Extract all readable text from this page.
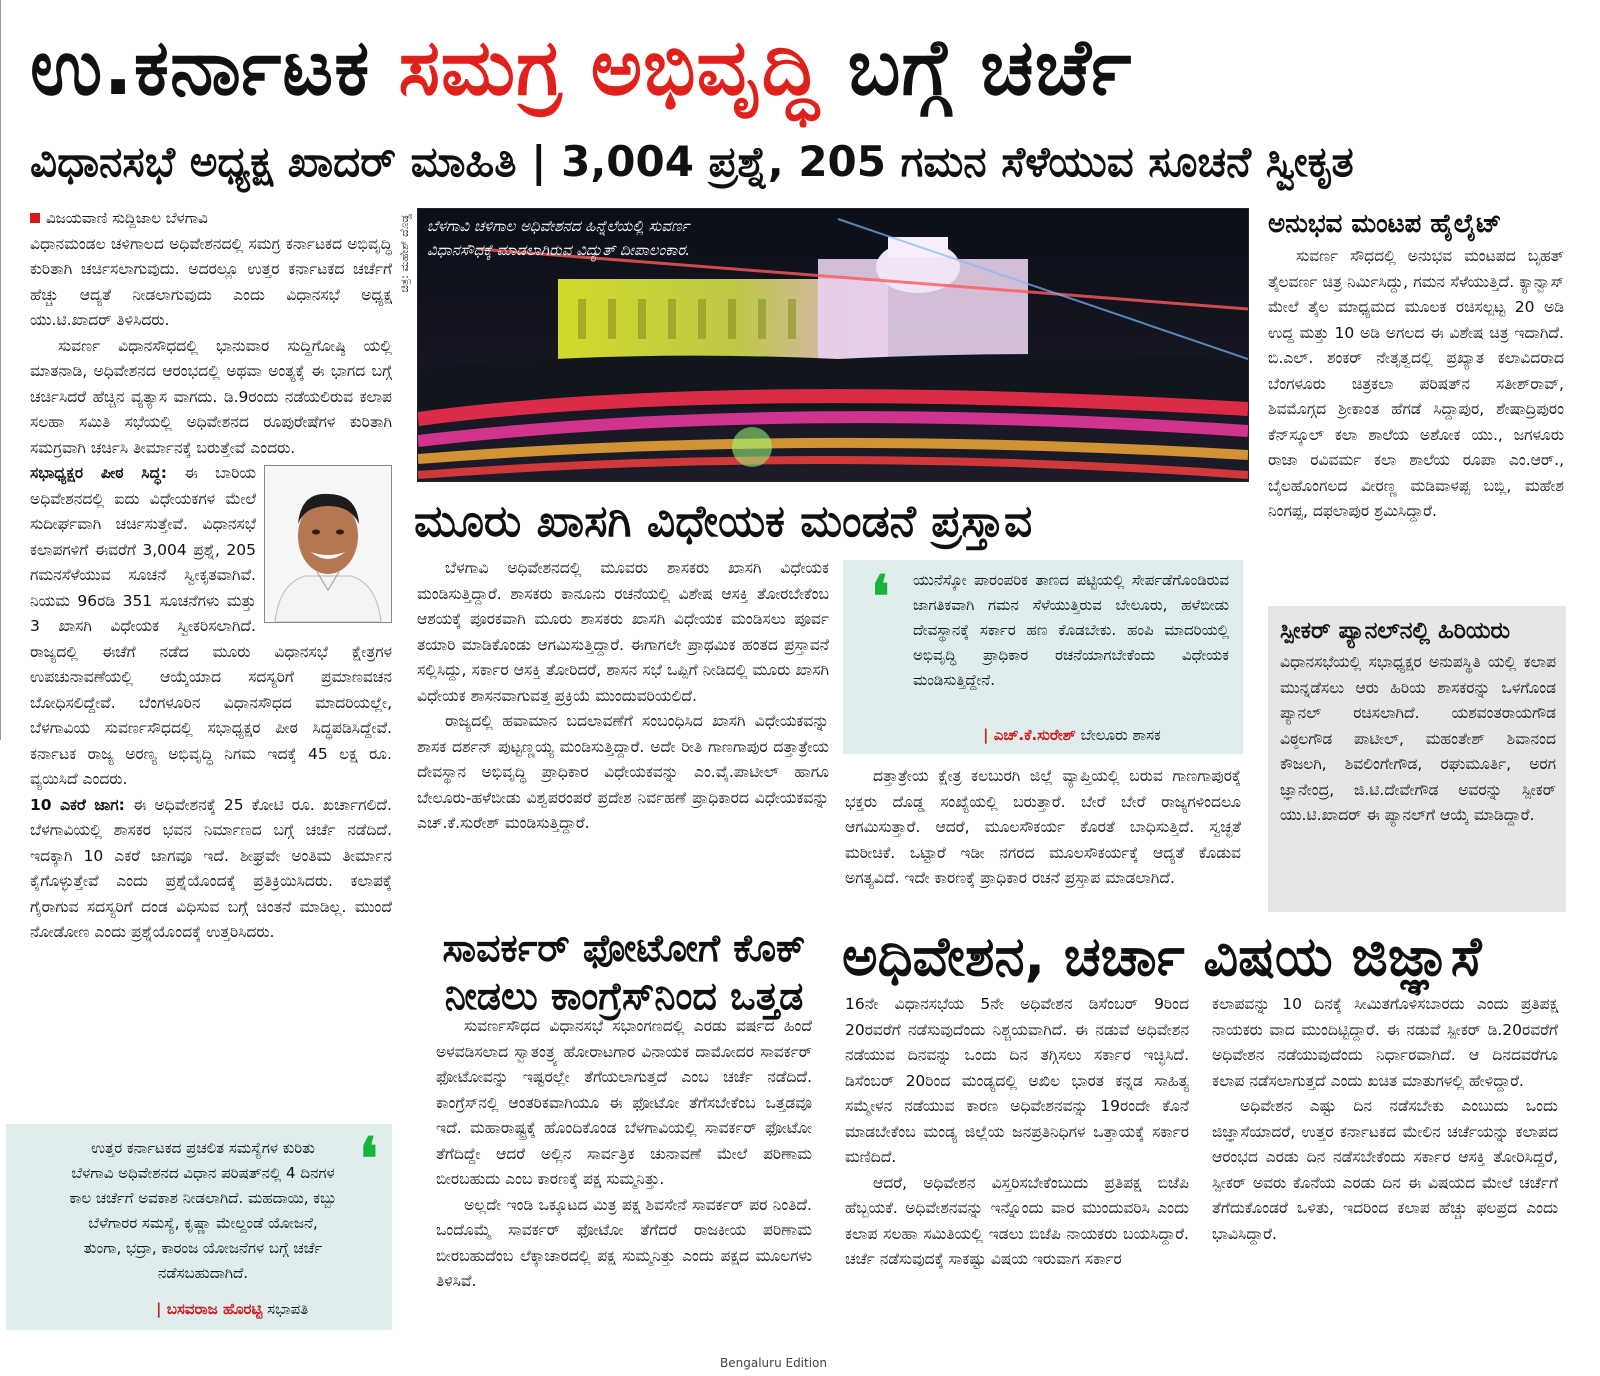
ಉ.ಕರ್ನಾಟಕ ಸಮಗ್ರ ಅಭಿವೃದ್ಧಿ ಬಗ್ಗೆ ಚರ್ಚೆ
ವಿಧಾನಸಭೆ ಅಧ್ಯಕ್ಷ ಖಾದರ್ ಮಾಹಿತಿ | 3,004 ಪ್ರಶ್ನೆ, 205 ಗಮನ ಸೆಳೆಯುವ ಸೂಚನೆ ಸ್ವೀಕೃತ
ವಿಜಯವಾಣಿ ಸುದ್ದಿಜಾಲ ಬೆಳಗಾವಿ

ವಿಧಾನಮಂಡಲ ಚಳಿಗಾಲದ ಅಧಿವೇಶನದಲ್ಲಿ ಸಮಗ್ರ ಕರ್ನಾಟಕದ ಅಭಿವೃದ್ಧಿ ಕುರಿತಾಗಿ ಚರ್ಚಿಸಲಾಗುವುದು. ಅದರಲ್ಲೂ ಉತ್ತರ ಕರ್ನಾಟಕದ ಚರ್ಚೆಗೆ ಹೆಚ್ಚು ಆದ್ಯತೆ ನೀಡಲಾಗುವುದು ಎಂದು ವಿಧಾನಸಭೆ ಅಧ್ಯಕ್ಷ ಯು.ಟಿ.ಖಾದರ್ ತಿಳಿಸಿದರು.

ಸುವರ್ಣ ವಿಧಾನಸೌಧದಲ್ಲಿ ಭಾನುವಾರ ಸುದ್ದಿಗೋಷ್ಠಿ ಯಲ್ಲಿ ಮಾತನಾಡಿ, ಅಧಿವೇಶನದ ಆರಂಭದಲ್ಲಿ ಅಥವಾ ಅಂತ್ಯಕ್ಕೆ ಈ ಭಾಗದ ಬಗ್ಗೆ ಚರ್ಚಿಸಿದರೆ ಹೆಚ್ಚಿನ ವ್ಯತ್ಯಾಸ ವಾಗದು. ಡಿ.9ರಂದು ನಡೆಯಲಿರುವ ಕಲಾಪ ಸಲಹಾ ಸಮಿತಿ ಸಭೆಯಲ್ಲಿ ಅಧಿವೇಶನದ ರೂಪುರೇಷೆಗಳ ಕುರಿತಾಗಿ ಸಮಗ್ರವಾಗಿ ಚರ್ಚಿಸಿ ತೀರ್ಮಾನಕ್ಕೆ ಬರುತ್ತೇವೆ ಎಂದರು.

ಸಭಾಧ್ಯಕ್ಷರ ಪೀಠ ಸಿದ್ಧ: ಈ ಬಾರಿಯ ಅಧಿವೇಶನದಲ್ಲಿ ಐದು ವಿಧೇಯಕಗಳ ಮೇಲೆ ಸುದೀರ್ಘವಾಗಿ ಚರ್ಚಿಸುತ್ತೇವೆ. ವಿಧಾನಸಭೆ ಕಲಾಪಗಳಿಗೆ ಈವರೆಗೆ 3,004 ಪ್ರಶ್ನೆ, 205 ಗಮನಸೆಳೆಯುವ ಸೂಚನೆ ಸ್ವೀಕೃತವಾಗಿವೆ. ನಿಯಮ 96ರಡಿ 351 ಸೂಚನೆಗಳು ಮತ್ತು 3 ಖಾಸಗಿ ವಿಧೇಯಕ ಸ್ವೀಕರಿಸಲಾಗಿದೆ. ರಾಜ್ಯದಲ್ಲಿ ಈಚೆಗೆ ನಡೆದ ಮೂರು ವಿಧಾನಸಭೆ ಕ್ಷೇತ್ರಗಳ ಉಪಚುನಾವಣೆಯಲ್ಲಿ ಆಯ್ಕೆಯಾದ ಸದಸ್ಯರಿಗೆ ಪ್ರಮಾಣವಚನ ಬೋಧಿಸಲಿದ್ದೇವೆ. ಬೆಂಗಳೂರಿನ ವಿಧಾನಸೌಧದ ಮಾದರಿಯಲ್ಲೇ, ಬೆಳಗಾವಿಯ ಸುವರ್ಣಸೌಧದಲ್ಲಿ ಸಭಾಧ್ಯಕ್ಷರ ಪೀಠ ಸಿದ್ಧಪಡಿಸಿದ್ದೇವೆ. ಕರ್ನಾಟಕ ರಾಜ್ಯ ಅರಣ್ಯ ಅಭಿವೃದ್ಧಿ ನಿಗಮ ಇದಕ್ಕೆ 45 ಲಕ್ಷ ರೂ. ವ್ಯಯಿಸಿದೆ ಎಂದರು.

10 ಎಕರೆ ಜಾಗ: ಈ ಅಧಿವೇಶನಕ್ಕೆ 25 ಕೋಟಿ ರೂ. ಖರ್ಚಾಗಲಿದೆ. ಬೆಳಗಾವಿಯಲ್ಲಿ ಶಾಸಕರ ಭವನ ನಿರ್ಮಾಣದ ಬಗ್ಗೆ ಚರ್ಚೆ ನಡೆದಿದೆ. ಇದಕ್ಕಾಗಿ 10 ಎಕರೆ ಜಾಗವೂ ಇದೆ. ಶೀಘ್ರವೇ ಅಂತಿಮ ತೀರ್ಮಾನ ಕೈಗೊಳ್ಳುತ್ತೇವೆ ಎಂದು ಪ್ರಶ್ನೆಯೊಂದಕ್ಕೆ ಪ್ರತಿಕ್ರಿಯಿಸಿದರು. ಕಲಾಪಕ್ಕೆ ಗೈರಾಗುವ ಸದಸ್ಯರಿಗೆ ದಂಡ ವಿಧಿಸುವ ಬಗ್ಗೆ ಚಿಂತನೆ ಮಾಡಿಲ್ಲ. ಮುಂದೆ ನೋಡೋಣ ಎಂದು ಪ್ರಶ್ನೆಯೊಂದಕ್ಕೆ ಉತ್ತರಿಸಿದರು.

❛
ಉತ್ತರ ಕರ್ನಾಟಕದ ಪ್ರಚಲಿತ ಸಮಸ್ಯೆಗಳ ಕುರಿತು ಬೆಳಗಾವಿ ಅಧಿವೇಶನದ ವಿಧಾನ ಪರಿಷತ್‌ನಲ್ಲಿ 4 ದಿನಗಳ ಕಾಲ ಚರ್ಚೆಗೆ ಅವಕಾಶ ನೀಡಲಾಗಿದೆ. ಮಹದಾಯಿ, ಕಬ್ಬು ಬೆಳೆಗಾರರ ಸಮಸ್ಯೆ, ಕೃಷ್ಣಾ ಮೇಲ್ದಂಡೆ ಯೋಜನೆ, ತುಂಗಾ, ಭದ್ರಾ, ಕಾರಂಜ ಯೋಜನೆಗಳ ಬಗ್ಗೆ ಚರ್ಚೆ ನಡೆಸಬಹುದಾಗಿದೆ.
| ಬಸವರಾಜ ಹೊರಟ್ಟಿ ಸಭಾಪತಿ
ಚಿತ್ರ: ಮಹೇಶ್ ದೊಡ್ಡ ಬೆಳಗಾವಿ ಚಳಿಗಾಲ ಅಧಿವೇಶನದ ಹಿನ್ನೆಲೆಯಲ್ಲಿ ಸುವರ್ಣ
ವಿಧಾನಸೌಧಕ್ಕೆ ಮಾಡಲಾಗಿರುವ ವಿದ್ಯುತ್ ದೀಪಾಲಂಕಾರ.
ಮೂರು ಖಾಸಗಿ ವಿಧೇಯಕ ಮಂಡನೆ ಪ್ರಸ್ತಾವ

ಬೆಳಗಾವಿ ಅಧಿವೇಶನದಲ್ಲಿ ಮೂವರು ಶಾಸಕರು ಖಾಸಗಿ ವಿಧೇಯಕ ಮಂಡಿಸುತ್ತಿದ್ದಾರೆ. ಶಾಸಕರು ಕಾನೂನು ರಚನೆಯಲ್ಲಿ ವಿಶೇಷ ಆಸಕ್ತಿ ತೋರಬೇಕೆಂಬ ಆಶಯಕ್ಕೆ ಪೂರಕವಾಗಿ ಮೂರು ಶಾಸಕರು ಖಾಸಗಿ ವಿಧೇಯಕ ಮಂಡಿಸಲು ಪೂರ್ವ ತಯಾರಿ ಮಾಡಿಕೊಂಡು ಆಗಮಿಸುತ್ತಿದ್ದಾರೆ. ಈಗಾಗಲೇ ಪ್ರಾಥಮಿಕ ಹಂತದ ಪ್ರಸ್ತಾವನೆ ಸಲ್ಲಿಸಿದ್ದು, ಸರ್ಕಾರ ಆಸಕ್ತಿ ತೋರಿದರೆ, ಶಾಸನ ಸಭೆ ಒಪ್ಪಿಗೆ ನೀಡಿದಲ್ಲಿ ಮೂರು ಖಾಸಗಿ ವಿಧೇಯಕ ಶಾಸನವಾಗುವತ್ತ ಪ್ರಕ್ರಿಯೆ ಮುಂದುವರಿಯಲಿದೆ.

ರಾಜ್ಯದಲ್ಲಿ ಹವಾಮಾನ ಬದಲಾವಣೆಗೆ ಸಂಬಂಧಿಸಿದ ಖಾಸಗಿ ವಿಧೇಯಕವನ್ನು ಶಾಸಕ ದರ್ಶನ್ ಪುಟ್ಟಣ್ಣಯ್ಯ ಮಂಡಿಸುತ್ತಿದ್ದಾರೆ. ಅದೇ ರೀತಿ ಗಾಣಗಾಪುರ ದತ್ತಾತ್ರೇಯ ದೇವಸ್ಥಾನ ಅಭಿವೃದ್ಧಿ ಪ್ರಾಧಿಕಾರ ವಿಧೇಯಕವನ್ನು ಎಂ.ವೈ.ಪಾಟೀಲ್ ಹಾಗೂ ಬೇಲೂರು-ಹಳೆಬೀಡು ವಿಶ್ವಪರಂಪರೆ ಪ್ರದೇಶ ನಿರ್ವಹಣೆ ಪ್ರಾಧಿಕಾರದ ವಿಧೇಯಕವನ್ನು ಎಚ್.ಕೆ.ಸುರೇಶ್ ಮಂಡಿಸುತ್ತಿದ್ದಾರೆ.

❛ ಯುನೆಸ್ಕೋ ಪಾರಂಪರಿಕ ತಾಣದ ಪಟ್ಟಿಯಲ್ಲಿ ಸೇರ್ಪಡೆಗೊಂಡಿರುವ ಜಾಗತಿಕವಾಗಿ ಗಮನ ಸೆಳೆಯುತ್ತಿರುವ ಬೇಲೂರು, ಹಳೆಬೀಡು ದೇವಸ್ಥಾನಕ್ಕೆ ಸರ್ಕಾರ ಹಣ ಕೊಡಬೇಕು. ಹಂಪಿ ಮಾದರಿಯಲ್ಲಿ ಅಭಿವೃದ್ಧಿ ಪ್ರಾಧಿಕಾರ ರಚನೆಯಾಗಬೇಕೆಂದು ವಿಧೇಯಕ ಮಂಡಿಸುತ್ತಿದ್ದೇನೆ.
| ಎಚ್.ಕೆ.ಸುರೇಶ್ ಬೇಲೂರು ಶಾಸಕ

ದತ್ತಾತ್ರೇಯ ಕ್ಷೇತ್ರ ಕಲಬುರಗಿ ಜಿಲ್ಲೆ ವ್ಯಾಪ್ತಿಯಲ್ಲಿ ಬರುವ ಗಾಣಗಾಪುರಕ್ಕೆ ಭಕ್ತರು ದೊಡ್ಡ ಸಂಖ್ಯೆಯಲ್ಲಿ ಬರುತ್ತಾರೆ. ಬೇರೆ ಬೇರೆ ರಾಜ್ಯಗಳಿಂದಲೂ ಆಗಮಿಸುತ್ತಾರೆ. ಆದರೆ, ಮೂಲಸೌಕರ್ಯ ಕೊರತೆ ಬಾಧಿಸುತ್ತಿದೆ. ಸ್ವಚ್ಛತೆ ಮರೀಚಿಕೆ. ಒಟ್ಟಾರೆ ಇಡೀ ನಗರದ ಮೂಲಸೌಕರ್ಯಕ್ಕೆ ಆದ್ಯತೆ ಕೊಡುವ ಅಗತ್ಯವಿದೆ. ಇದೇ ಕಾರಣಕ್ಕೆ ಪ್ರಾಧಿಕಾರ ರಚನೆ ಪ್ರಸ್ತಾಪ ಮಾಡಲಾಗಿದೆ.

ಅನುಭವ ಮಂಟಪ ಹೈಲೈಟ್

ಸುವರ್ಣ ಸೌಧದಲ್ಲಿ ಅನುಭವ ಮಂಟಪದ ಬೃಹತ್ ತೈಲವರ್ಣ ಚಿತ್ರ ನಿರ್ಮಿಸಿದ್ದು, ಗಮನ ಸೆಳೆಯುತ್ತಿದೆ. ಕ್ಯಾನ್ವಾಸ್ ಮೇಲೆ ತೈಲ ಮಾಧ್ಯಮದ ಮೂಲಕ ರಚಿಸಲ್ಪಟ್ಟ 20 ಅಡಿ ಉದ್ದ ಮತ್ತು 10 ಅಡಿ ಅಗಲದ ಈ ವಿಶೇಷ ಚಿತ್ರ ಇದಾಗಿದೆ. ಬಿ.ಎಲ್. ಶಂಕರ್ ನೇತೃತ್ವದಲ್ಲಿ ಪ್ರಖ್ಯಾತ ಕಲಾವಿದರಾದ ಬೆಂಗಳೂರು ಚಿತ್ರಕಲಾ ಪರಿಷತ್‌ನ ಸತೀಶ್‌ರಾವ್, ಶಿವಮೊಗ್ಗದ ಶ್ರೀಕಾಂತ ಹೆಗಡೆ ಸಿದ್ದಾಪುರ, ಶೇಷಾದ್ರಿಪುರಂ ಕೆನ್‌ಸ್ಕೂಲ್ ಕಲಾ ಶಾಲೆಯ ಅಶೋಕ ಯು., ಜಗಳೂರು ರಾಜಾ ರವಿವರ್ಮ ಕಲಾ ಶಾಲೆಯ ರೂಪಾ ಎಂ.ಆರ್., ಬೈಲಹೊಂಗಲದ ವೀರಣ್ಣ ಮಡಿವಾಳಪ್ಪ ಬಬ್ಲಿ, ಮಹೇಶ ನಿಂಗಪ್ಪ, ದಫಲಾಪುರ ಶ್ರಮಿಸಿದ್ದಾರೆ.

ಸ್ಪೀಕರ್ ಪ್ಯಾನಲ್‌ನಲ್ಲಿ ಹಿರಿಯರು
ವಿಧಾನಸಭೆಯಲ್ಲಿ ಸಭಾಧ್ಯಕ್ಷರ ಅನುಪಸ್ಥಿತಿ ಯಲ್ಲಿ ಕಲಾಪ ಮುನ್ನಡೆಸಲು ಆರು ಹಿರಿಯ ಶಾಸಕರನ್ನು ಒಳಗೊಂಡ ಪ್ಯಾನಲ್ ರಚಿಸಲಾಗಿದೆ. ಯಶವಂತರಾಯಗೌಡ ವಿಠ್ಠಲಗೌಡ ಪಾಟೀಲ್, ಮಹಂತೇಶ್ ಶಿವಾನಂದ ಕೌಜಲಗಿ, ಶಿವಲಿಂಗೇಗೌಡ, ರಘುಮೂರ್ತಿ, ಅರಗ ಜ್ಞಾನೇಂದ್ರ, ಜಿ.ಟಿ.ದೇವೇಗೌಡ ಅವರನ್ನು ಸ್ಪೀಕರ್ ಯು.ಟಿ.ಖಾದರ್ ಈ ಪ್ಯಾನಲ್‌ಗೆ ಆಯ್ಕೆ ಮಾಡಿದ್ದಾರೆ.
ಸಾವರ್ಕರ್ ಫೋಟೋಗೆ ಕೊಕ್
ನೀಡಲು ಕಾಂಗ್ರೆಸ್‌ನಿಂದ ಒತ್ತಡ

ಸುವರ್ಣಸೌಧದ ವಿಧಾನಸಭೆ ಸಭಾಂಗಣದಲ್ಲಿ ಎರಡು ವರ್ಷದ ಹಿಂದೆ ಅಳವಡಿಸಲಾದ ಸ್ವಾತಂತ್ರ್ಯ ಹೋರಾಟಗಾರ ವಿನಾಯಕ ದಾಮೋದರ ಸಾವರ್ಕರ್ ಫೋಟೋವನ್ನು ಇಷ್ಟರಲ್ಲೇ ತೆಗೆಯಲಾಗುತ್ತದೆ ಎಂಬ ಚರ್ಚೆ ನಡೆದಿದೆ. ಕಾಂಗ್ರೆಸ್‌ನಲ್ಲಿ ಆಂತರಿಕವಾಗಿಯೂ ಈ ಫೋಟೋ ತೆಗೆಸಬೇಕೆಂಬ ಒತ್ತಡವೂ ಇದೆ. ಮಹಾರಾಷ್ಟ್ರಕ್ಕೆ ಹೊಂದಿಕೊಂಡ ಬೆಳಗಾವಿಯಲ್ಲಿ ಸಾವರ್ಕರ್ ಫೋಟೋ ತೆಗೆದಿದ್ದೇ ಆದರೆ ಅಲ್ಲಿನ ಸಾರ್ವತ್ರಿಕ ಚುನಾವಣೆ ಮೇಲೆ ಪರಿಣಾಮ ಬೀರಬಹುದು ಎಂಬ ಕಾರಣಕ್ಕೆ ಪಕ್ಷ ಸುಮ್ಮನಿತ್ತು.

ಅಲ್ಲದೇ ಇಂಡಿ ಒಕ್ಕೂಟದ ಮಿತ್ರ ಪಕ್ಷ ಶಿವಸೇನೆ ಸಾವರ್ಕರ್ ಪರ ನಿಂತಿದೆ. ಒಂದೊಮ್ಮೆ ಸಾವರ್ಕರ್ ಫೋಟೋ ತೆಗೆದರೆ ರಾಜಕೀಯ ಪರಿಣಾಮ ಬೀರಬಹುದೆಂಬ ಲೆಕ್ಕಾಚಾರದಲ್ಲಿ ಪಕ್ಷ ಸುಮ್ಮನಿತ್ತು ಎಂದು ಪಕ್ಷದ ಮೂಲಗಳು ತಿಳಿಸಿವೆ.

ಅಧಿವೇಶನ, ಚರ್ಚಾ ವಿಷಯ ಜಿಜ್ಞಾಸೆ

16ನೇ ವಿಧಾನಸಭೆಯ 5ನೇ ಅಧಿವೇಶನ ಡಿಸೆಂಬರ್ 9ರಿಂದ 20ರವರೆಗೆ ನಡೆಸುವುದೆಂದು ನಿಶ್ಚಯವಾಗಿದೆ. ಈ ನಡುವೆ ಅಧಿವೇಶನ ನಡೆಯುವ ದಿನವನ್ನು ಒಂದು ದಿನ ತಗ್ಗಿಸಲು ಸರ್ಕಾರ ಇಚ್ಛಿಸಿದೆ. ಡಿಸೆಂಬರ್ 20ರಿಂದ ಮಂಡ್ಯದಲ್ಲಿ ಅಖಿಲ ಭಾರತ ಕನ್ನಡ ಸಾಹಿತ್ಯ ಸಮ್ಮೇಳನ ನಡೆಯುವ ಕಾರಣ ಅಧಿವೇಶನವನ್ನು 19ರಂದೇ ಕೊನೆ ಮಾಡಬೇಕೆಂಬ ಮಂಡ್ಯ ಜಿಲ್ಲೆಯ ಜನಪ್ರತಿನಿಧಿಗಳ ಒತ್ತಾಯಕ್ಕೆ ಸರ್ಕಾರ ಮಣಿದಿದೆ.

ಆದರೆ, ಅಧಿವೇಶನ ವಿಸ್ತರಿಸಬೇಕೆಂಬುದು ಪ್ರತಿಪಕ್ಷ ಬಿಜೆಪಿ ಹೆಬ್ಬಯಕೆ. ಅಧಿವೇಶನವನ್ನು ಇನ್ನೊಂದು ವಾರ ಮುಂದುವರಿಸಿ ಎಂದು ಕಲಾಪ ಸಲಹಾ ಸಮಿತಿಯಲ್ಲಿ ಇಡಲು ಬಿಜೆಪಿ ನಾಯಕರು ಬಯಸಿದ್ದಾರೆ. ಚರ್ಚೆ ನಡೆಸುವುದಕ್ಕೆ ಸಾಕಷ್ಟು ವಿಷಯ ಇರುವಾಗ ಸರ್ಕಾರ

ಕಲಾಪವನ್ನು 10 ದಿನಕ್ಕೆ ಸೀಮಿತಗೊಳಿಸಬಾರದು ಎಂದು ಪ್ರತಿಪಕ್ಷ ನಾಯಕರು ವಾದ ಮುಂದಿಟ್ಟಿದ್ದಾರೆ. ಈ ನಡುವೆ ಸ್ಪೀಕರ್ ಡಿ.20ರವರೆಗೆ ಅಧಿವೇಶನ ನಡೆಯುವುದೆಂದು ನಿರ್ಧಾರವಾಗಿದೆ. ಆ ದಿನದವರೆಗೂ ಕಲಾಪ ನಡೆಸಲಾಗುತ್ತದೆ ಎಂದು ಖಚಿತ ಮಾತುಗಳಲ್ಲಿ ಹೇಳಿದ್ದಾರೆ.

ಅಧಿವೇಶನ ಎಷ್ಟು ದಿನ ನಡೆಸಬೇಕು ಎಂಬುದು ಒಂದು ಜಿಜ್ಞಾಸೆಯಾದರೆ, ಉತ್ತರ ಕರ್ನಾಟಕದ ಮೇಲಿನ ಚರ್ಚೆಯನ್ನು ಕಲಾಪದ ಆರಂಭದ ಎರಡು ದಿನ ನಡೆಸಬೇಕೆಂದು ಸರ್ಕಾರ ಆಸಕ್ತಿ ತೋರಿಸಿದ್ದರೆ, ಸ್ಪೀಕರ್ ಅವರು ಕೊನೆಯ ಎರಡು ದಿನ ಈ ವಿಷಯದ ಮೇಲೆ ಚರ್ಚೆಗೆ ತೆಗೆದುಕೊಂಡರೆ ಒಳಿತು, ಇದರಿಂದ ಕಲಾಪ ಹೆಚ್ಚು ಫಲಪ್ರದ ಎಂದು ಭಾವಿಸಿದ್ದಾರೆ.

Bengaluru Edition
